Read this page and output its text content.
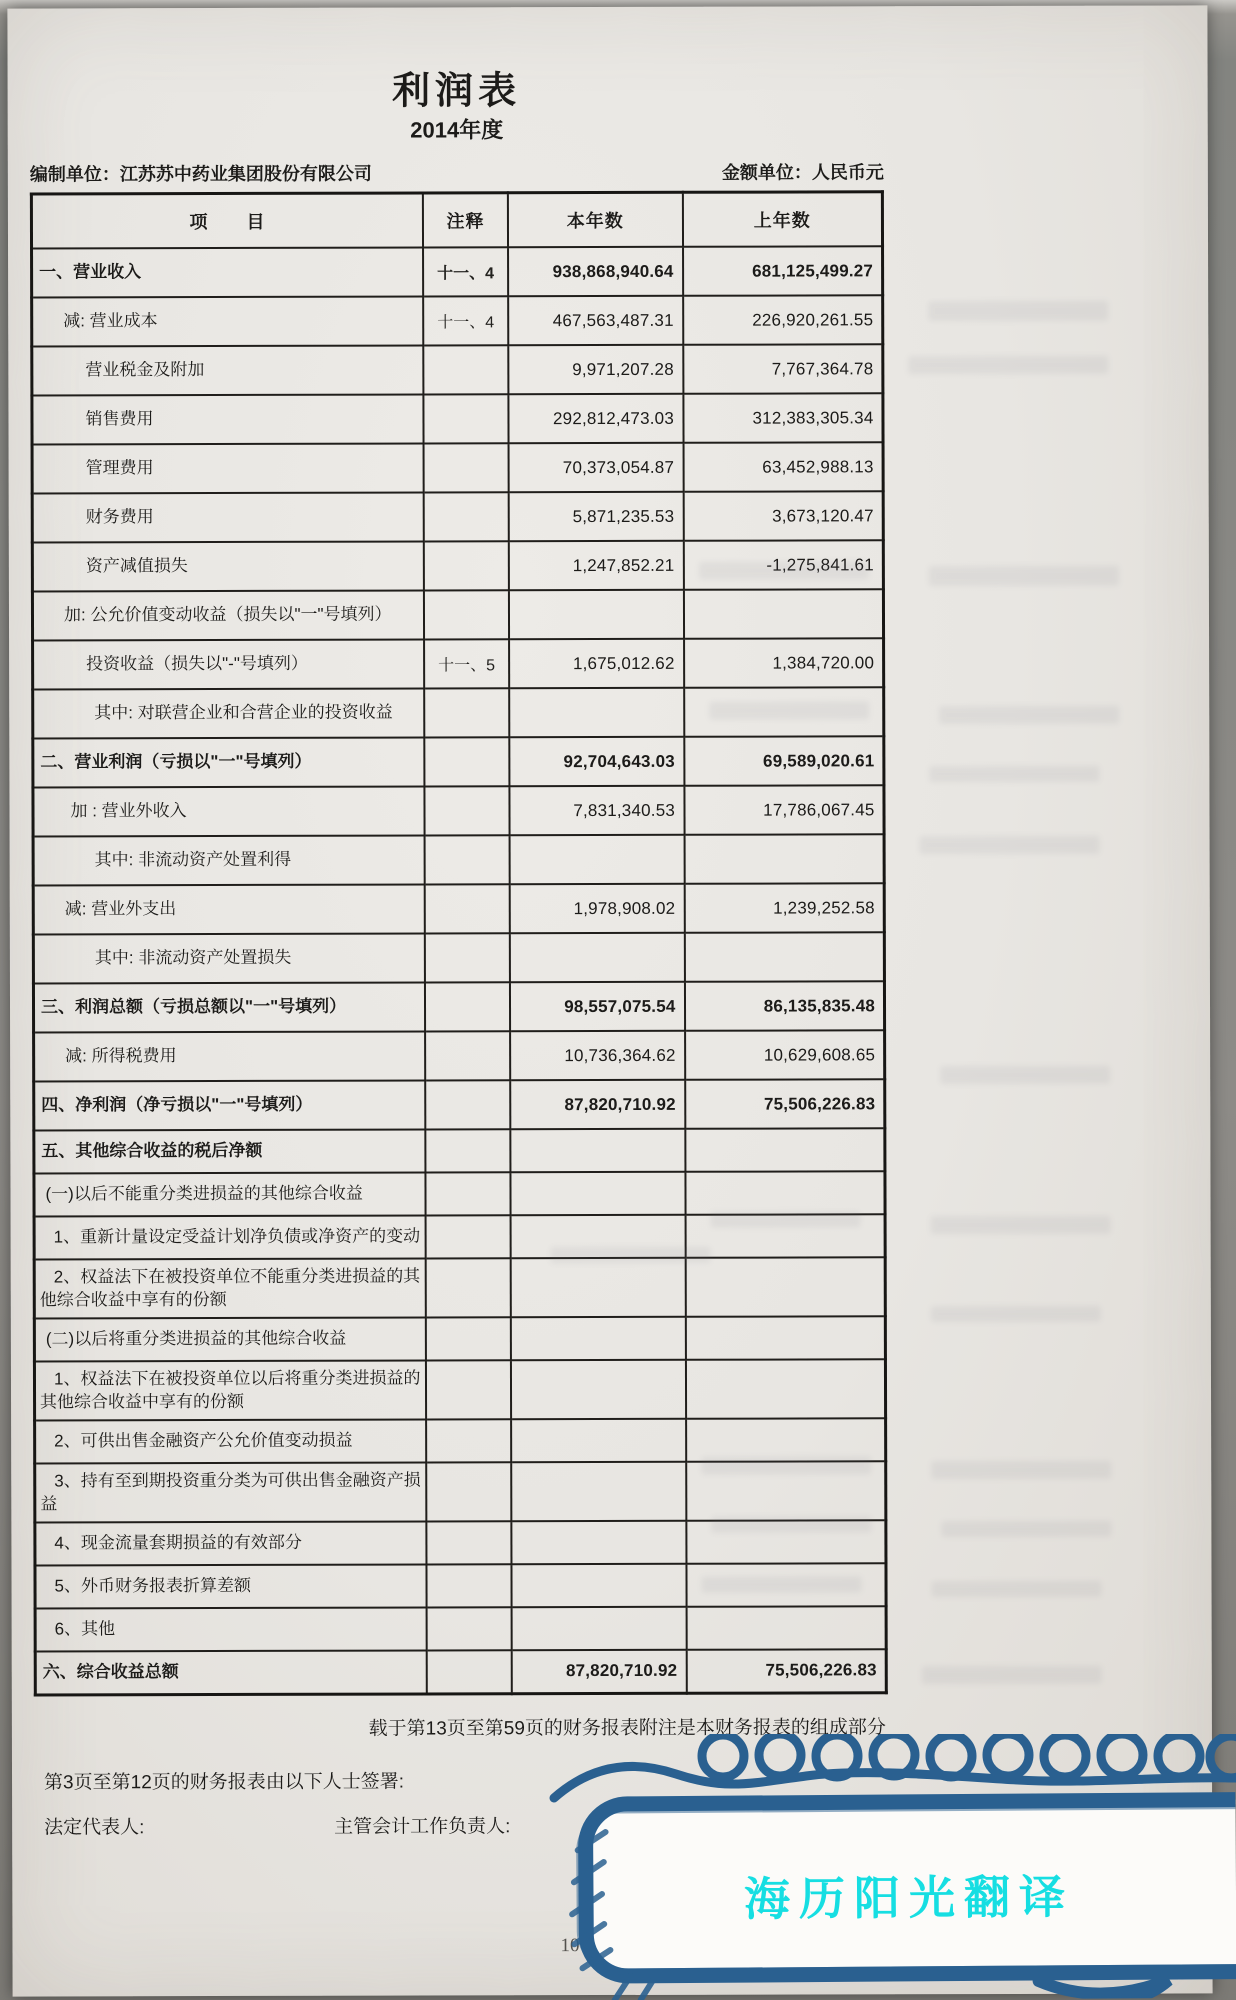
利润表
2014年度
编制单位：江苏苏中药业集团股份有限公司	金额单位：人民币元
项　　目	注释	本年数	上年数
一、营业收入	十一、4	938,868,940.64	681,125,499.27
减: 营业成本	十一、4	467,563,487.31	226,920,261.55
营业税金及附加		9,971,207.28	7,767,364.78
销售费用		292,812,473.03	312,383,305.34
管理费用		70,373,054.87	63,452,988.13
财务费用		5,871,235.53	3,673,120.47
资产减值损失		1,247,852.21	-1,275,841.61
加: 公允价值变动收益（损失以"一"号填列）			
投资收益（损失以"-"号填列）	十一、5	1,675,012.62	1,384,720.00
其中: 对联营企业和合营企业的投资收益			
二、营业利润（亏损以"一"号填列）		92,704,643.03	69,589,020.61
加 : 营业外收入		7,831,340.53	17,786,067.45
其中: 非流动资产处置利得			
减: 营业外支出		1,978,908.02	1,239,252.58
其中: 非流动资产处置损失			
三、利润总额（亏损总额以"一"号填列）		98,557,075.54	86,135,835.48
减: 所得税费用		10,736,364.62	10,629,608.65
四、净利润（净亏损以"一"号填列）		87,820,710.92	75,506,226.83
五、其他综合收益的税后净额			
(一)以后不能重分类进损益的其他综合收益			
1、重新计量设定受益计划净负债或净资产的变动			
2、权益法下在被投资单位不能重分类进损益的其他综合收益中享有的份额			
(二)以后将重分类进损益的其他综合收益			
1、权益法下在被投资单位以后将重分类进损益的其他综合收益中享有的份额			
2、可供出售金融资产公允价值变动损益			
3、持有至到期投资重分类为可供出售金融资产损益			
4、现金流量套期损益的有效部分			
5、外币财务报表折算差额			
6、其他			
六、综合收益总额		87,820,710.92	75,506,226.83
载于第13页至第59页的财务报表附注是本财务报表的组成部分
第3页至第12页的财务报表由以下人士签署:
法定代表人:	主管会计工作负责人:
10
海历阳光翻译
